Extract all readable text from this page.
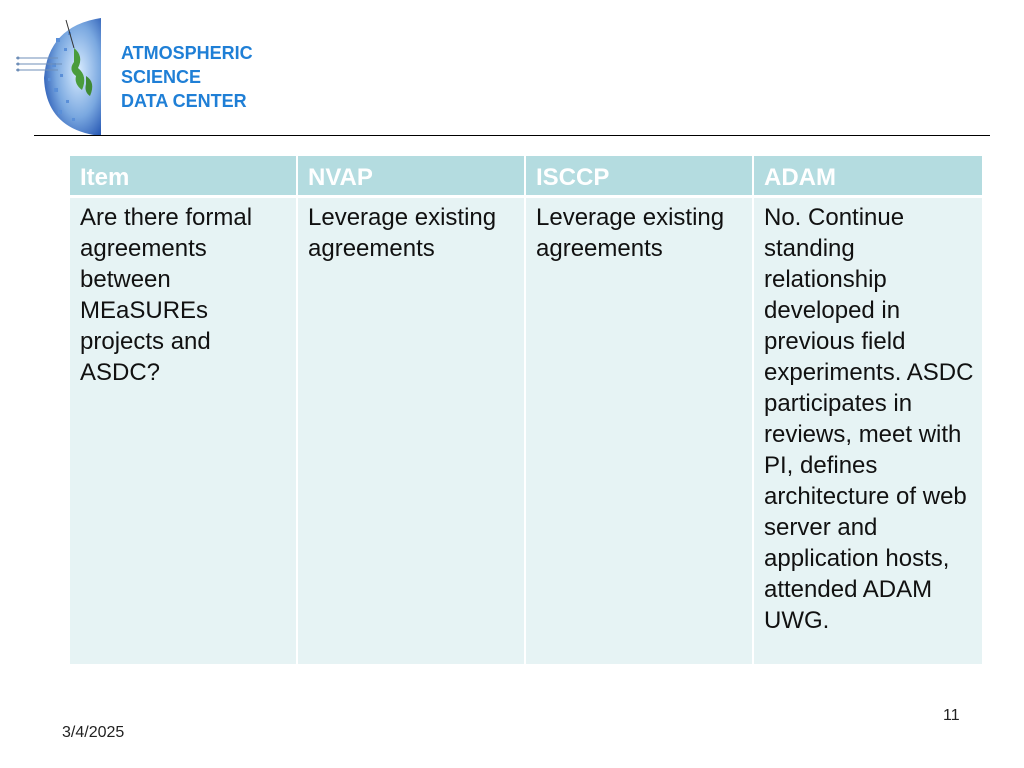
ATMOSPHERIC
SCIENCE
DATA CENTER
Item	NVAP	ISCCP	ADAM
Are there formal agreements between MEaSUREs projects and ASDC?	Leverage existing agreements	Leverage existing agreements	No. Continue standing relationship developed in previous field experiments. ASDC participates in reviews, meet with PI, defines architecture of web server and application hosts, attended ADAM UWG.
3/4/2025
11
